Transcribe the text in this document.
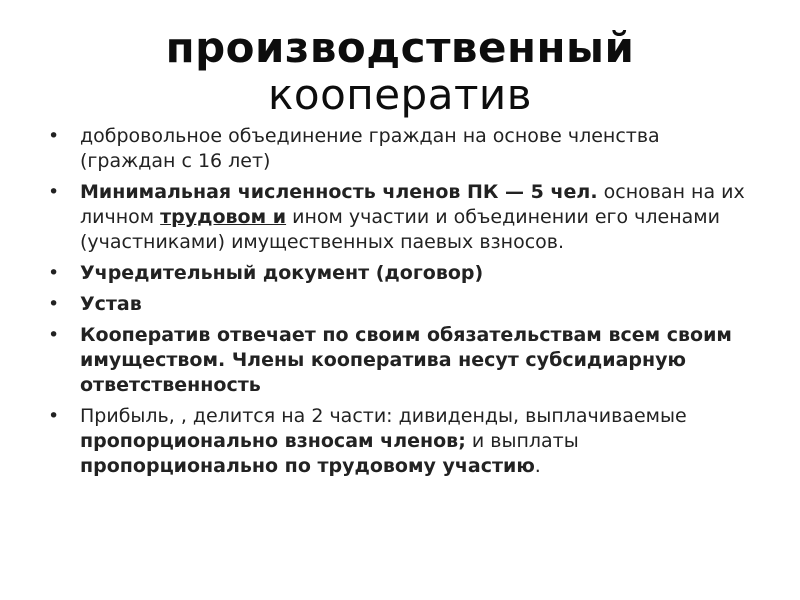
производственный
кооператив
• добровольное объединение граждан на основе членства (граждан с 16 лет)
• Минимальная численность членов ПК — 5 чел. основан на их личном трудовом и ином участии и объединении его членами (участниками) имущественных паевых взносов.
• Учредительный документ (договор)
• Устав
• Кооператив отвечает по своим обязательствам всем своим имуществом. Члены кооператива несут субсидиарную ответственность
• Прибыль, , делится на 2 части: дивиденды, выплачиваемые пропорционально взносам членов; и выплаты  пропорционально по трудовому участию.
